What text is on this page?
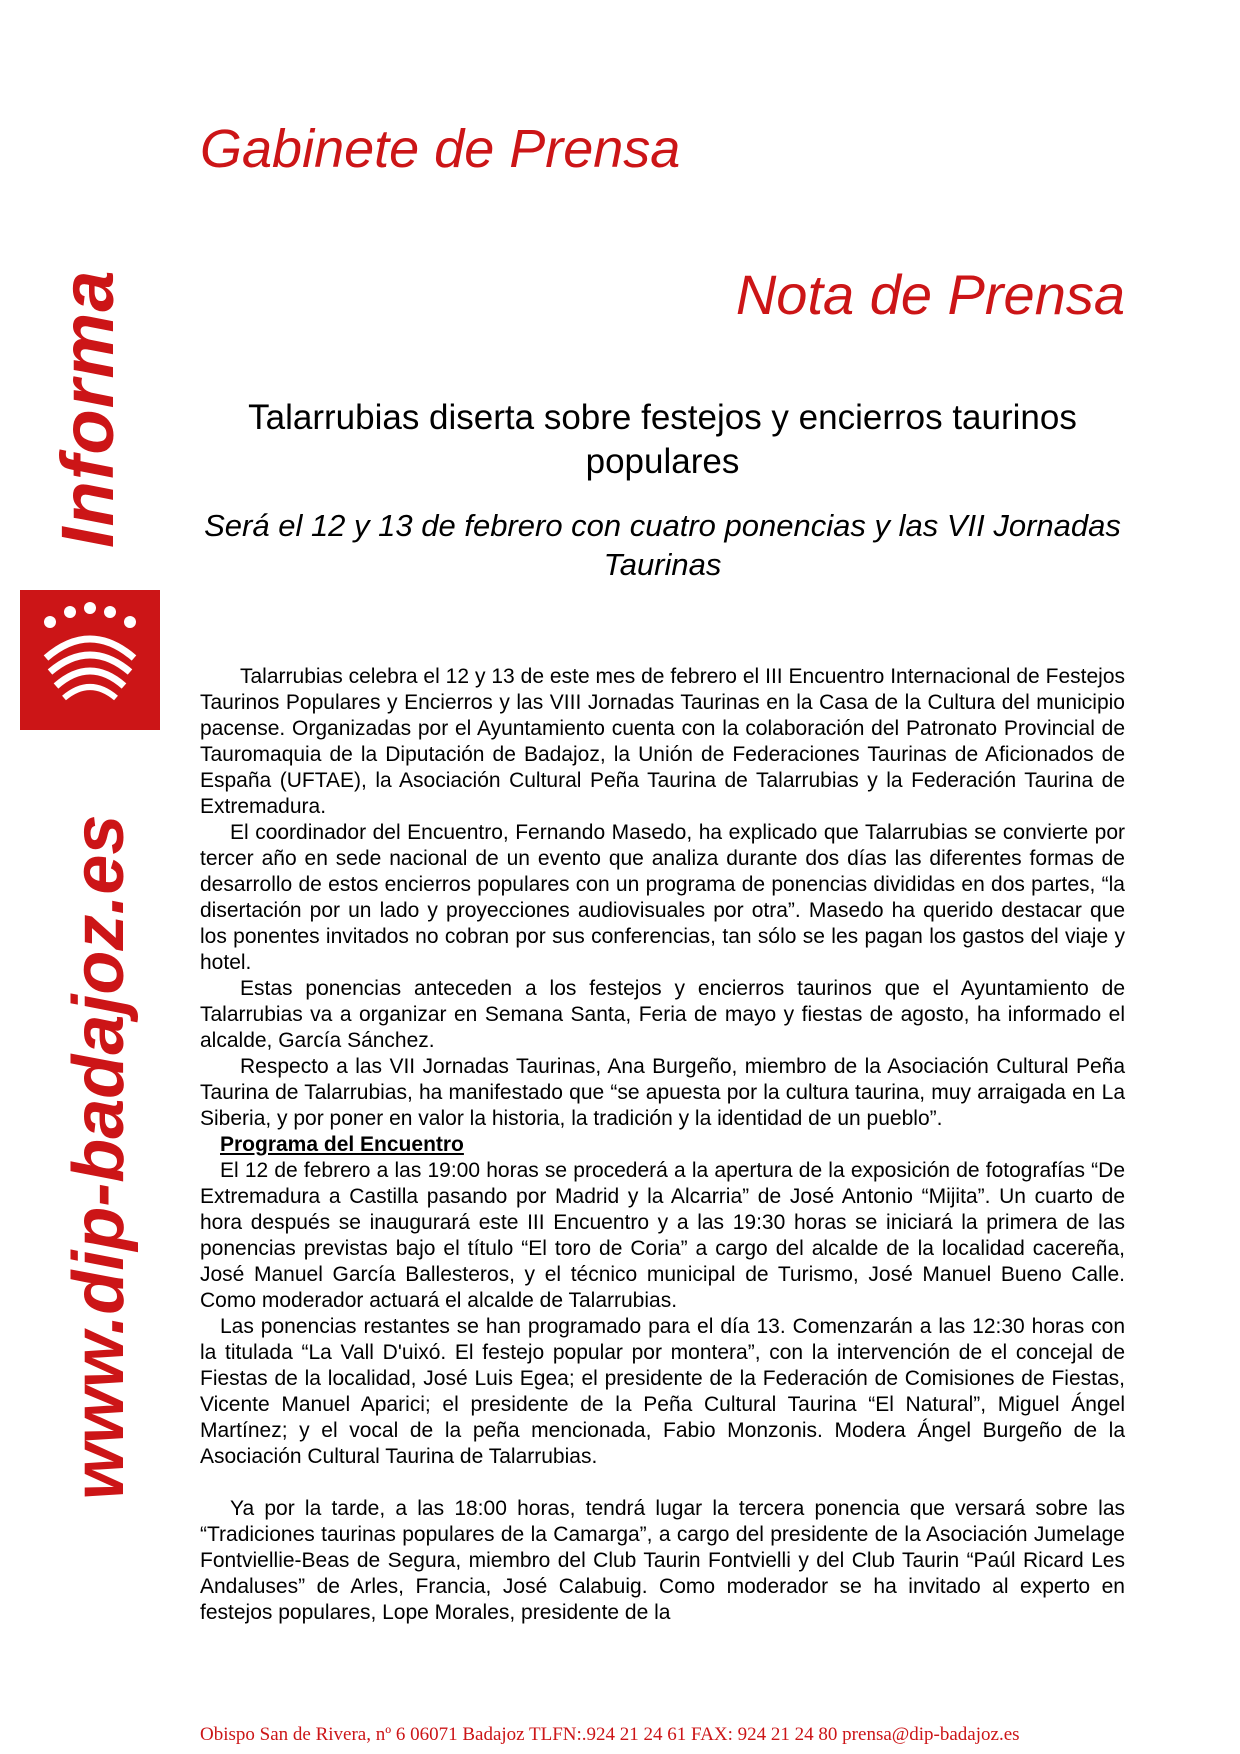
Informa
www.dip-badajoz.es
Gabinete de Prensa
Nota de Prensa
Talarrubias diserta sobre festejos y encierros taurinos populares
Será el 12 y 13 de febrero con cuatro ponencias y las VII Jornadas Taurinas

Talarrubias celebra el 12 y 13 de este mes de febrero el III Encuentro Internacional de Festejos Taurinos Populares y Encierros y las VIII Jornadas Taurinas en la Casa de la Cultura del municipio pacense. Organizadas por el Ayuntamiento cuenta con la colaboración del Patronato Provincial de Tauromaquia de la Diputación de Badajoz, la Unión de Federaciones Taurinas de Aficionados de España (UFTAE), la Asociación Cultural Peña Taurina de Talarrubias y la Federación Taurina de Extremadura.

El coordinador del Encuentro, Fernando Masedo, ha explicado que Talarrubias se convierte por tercer año en sede nacional de un evento que analiza durante dos días las diferentes formas de desarrollo de estos encierros populares con un programa de ponencias divididas en dos partes, “la disertación por un lado y proyecciones audiovisuales por otra”. Masedo ha querido destacar que los ponentes invitados no cobran por sus conferencias, tan sólo se les pagan los gastos del viaje y hotel.

Estas ponencias anteceden a los festejos y encierros taurinos que el Ayuntamiento de Talarrubias va a organizar en Semana Santa, Feria de mayo y fiestas de agosto, ha informado el alcalde, García Sánchez.

Respecto a las VII Jornadas Taurinas, Ana Burgeño, miembro de la Asociación Cultural Peña Taurina de Talarrubias, ha manifestado que “se apuesta por la cultura taurina, muy arraigada en La Siberia, y por poner en valor la historia, la tradición y la identidad de un pueblo”.

Programa del Encuentro

El 12 de febrero a las 19:00 horas se procederá a la apertura de la exposición de fotografías “De Extremadura a Castilla pasando por Madrid y la Alcarria” de José Antonio “Mijita”. Un cuarto de hora después se inaugurará este III Encuentro y a las 19:30 horas se iniciará la primera de las ponencias previstas bajo el título “El toro de Coria” a cargo del alcalde de la localidad cacereña, José Manuel García Ballesteros, y el técnico municipal de Turismo, José Manuel Bueno Calle. Como moderador actuará el alcalde de Talarrubias.

Las ponencias restantes se han programado para el día 13. Comenzarán a las 12:30 horas con la titulada “La Vall D'uixó. El festejo popular por montera”, con la intervención de el concejal de Fiestas de la localidad, José Luis Egea; el presidente de la Federación de Comisiones de Fiestas, Vicente Manuel Aparici; el presidente de la Peña Cultural Taurina “El Natural”, Miguel Ángel Martínez; y el vocal de la peña mencionada, Fabio Monzonis. Modera Ángel Burgeño de la Asociación Cultural Taurina de Talarrubias.

Ya por la tarde, a las 18:00 horas, tendrá lugar la tercera ponencia que versará sobre las “Tradiciones taurinas populares de la Camarga”, a cargo del presidente de la Asociación Jumelage Fontviellie-Beas de Segura, miembro del Club Taurin Fontvielli y del Club Taurin “Paúl Ricard Les Andaluses” de Arles, Francia, José Calabuig. Como moderador se ha invitado al experto en festejos populares, Lope Morales, presidente de la

Obispo San de Rivera, nº 6 06071 Badajoz TLFN:.924 21 24 61 FAX: 924 21 24 80 prensa@dip-badajoz.es
